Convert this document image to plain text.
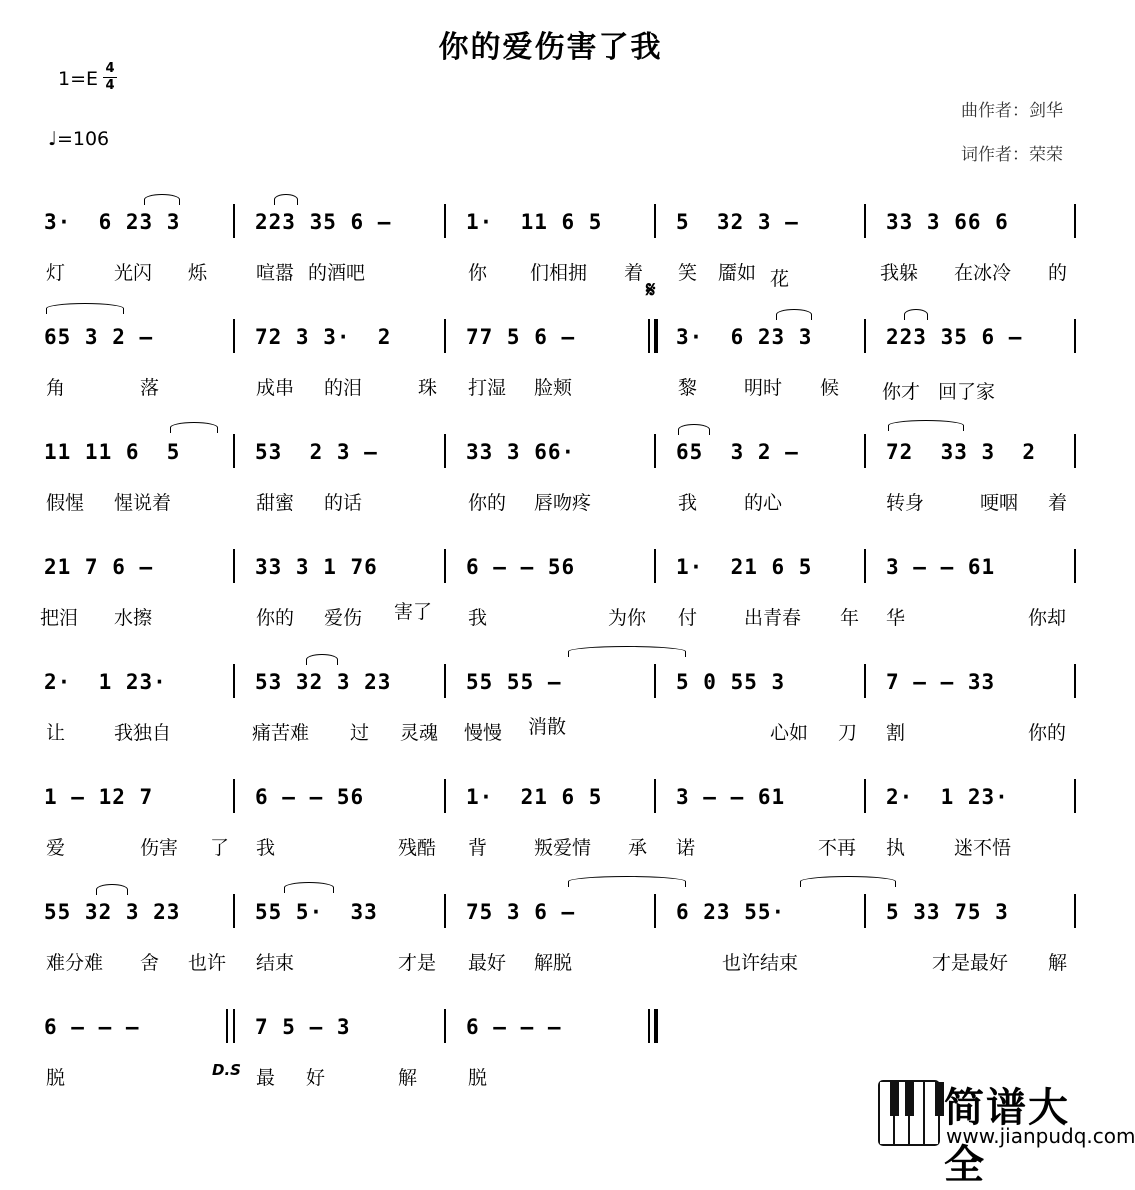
你的爱伤害了我
1=E 4
4
♩=106
曲作者：剑华
词作者：荣荣
3·  6 23 3	223 35 6 –	1·  11 6 5	5  32 3 –	33 3 66 6
灯	光闪 烁	喧嚣 的酒吧	你 们相拥 着 笑 靥如 花	我躲 在冰冷 的
𝄋
65 3 2 –	72 3 3·  2	77 5 6 –	3·  6 23 3	223 35 6 –
角	落	成串 的泪	珠 打湿 脸颊	黎 明时 候 你才 回了家
11 11 6  5	53  2 3 –	33 3 66·	65  3 2 –	72  33 3  2
假惺 惺说着	甜蜜 的话	你的 唇吻疼	我 的心	转身	哽咽 着
21 7 6 –	33 3 1 76	6 – – 56	1·  21 6 5	3 – – 61
把泪 水擦	你的 爱伤 害了 我	为你 付 出青春 年 华	你却
2·  1 23·	53 32 3 23	55 55 –	5 0 55 3	7 – – 33
让	我独自	痛苦难 过 灵魂 慢慢 消散	心如 刀 割	你的
1 – 12 7	6 – – 56	1·  21 6 5	3 – – 61	2·  1 23·
爱	伤害 了 我	残酷 背 叛爱情 承 诺	不再 执	迷不悟
55 32 3 23	55 5·  33	75 3 6 –	6 23 55·	5 33 75 3
难分难 舍 也许 结束	才是 最好 解脱	也许结束	才是最好 解
6 – – –	7 5 – 3	6 – – –
脱	最 好	解	脱
D.S
简谱大全
www.jianpudq.com
